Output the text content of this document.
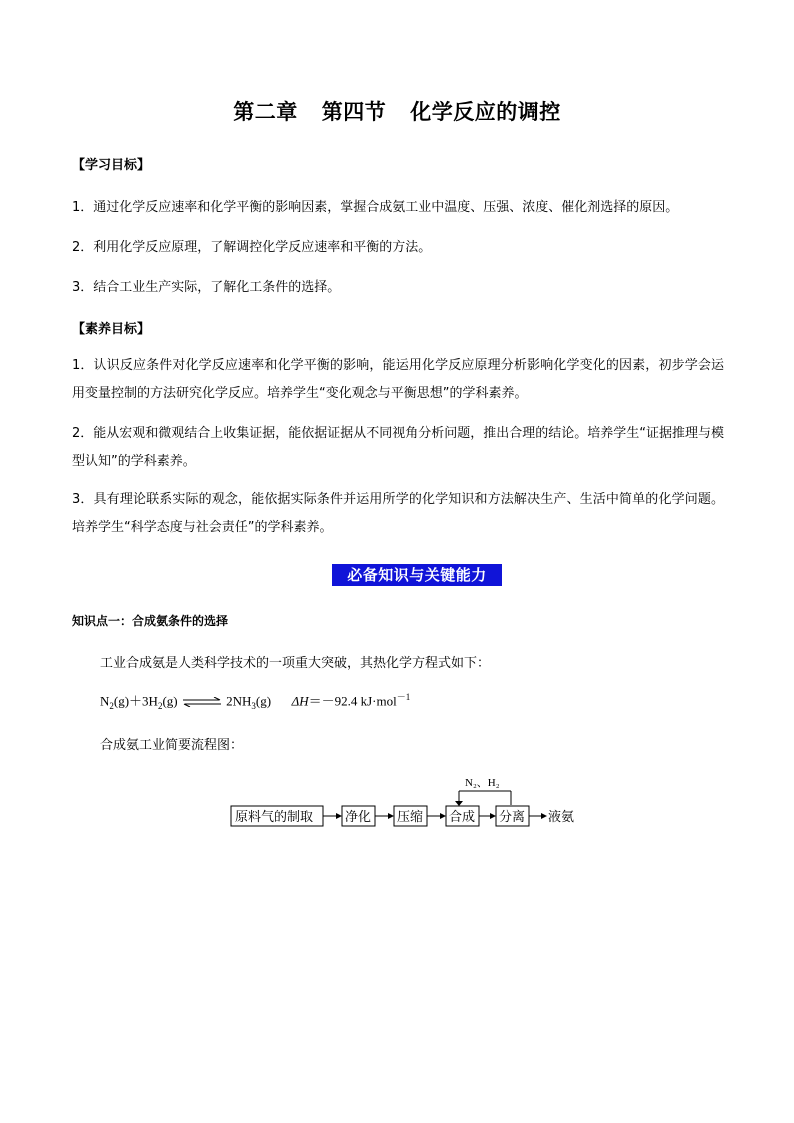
第二章 第四节 化学反应的调控
【学习目标】
1．通过化学反应速率和化学平衡的影响因素，掌握合成氨工业中温度、压强、浓度、催化剂选择的原因。
2．利用化学反应原理，了解调控化学反应速率和平衡的方法。
3．结合工业生产实际，了解化工条件的选择。
【素养目标】
1．认识反应条件对化学反应速率和化学平衡的影响，能运用化学反应原理分析影响化学变化的因素，初步学会运用变量控制的方法研究化学反应。培养学生“变化观念与平衡思想”的学科素养。
2．能从宏观和微观结合上收集证据，能依据证据从不同视角分析问题，推出合理的结论。培养学生“证据推理与模型认知”的学科素养。
3．具有理论联系实际的观念，能依据实际条件并运用所学的化学知识和方法解决生产、生活中简单的化学问题。培养学生“科学态度与社会责任”的学科素养。
必备知识与关键能力
知识点一：合成氨条件的选择
工业合成氨是人类科学技术的一项重大突破，其热化学方程式如下：
$N_2(g)+3H_2(g)$ ⇌ $2NH_3(g)$ ΔH＝－92.4 kJ·mol$^{-1}$
合成氨工业简要流程图：
N₂、H₂
原料气的制取 净化 压缩 合成 分离 液氨
